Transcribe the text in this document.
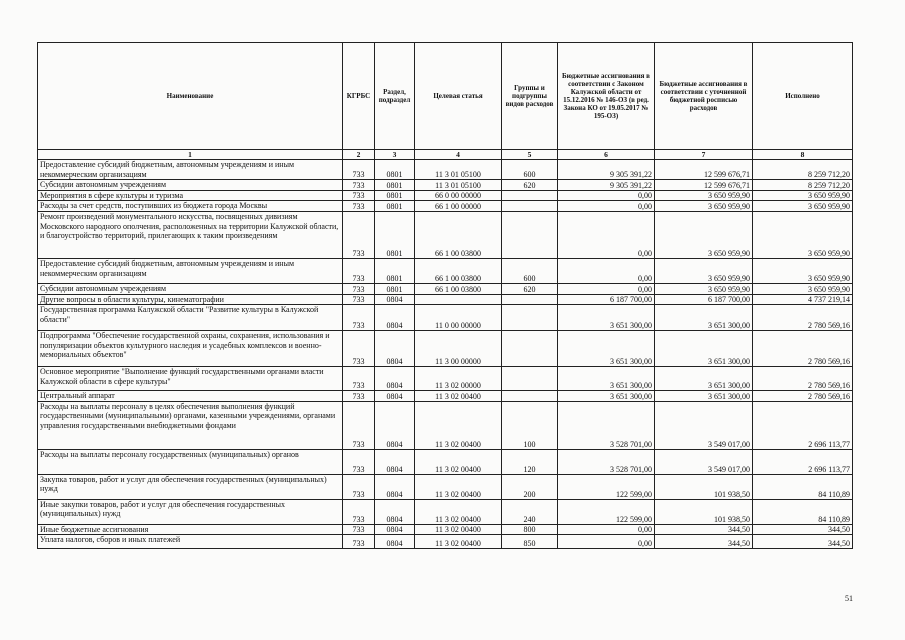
Наименование	КГРБС	Раздел, подраздел	Целевая статья	Группы и подгруппы видов расходов	Бюджетные ассигнования в соответствии с Законом Калужской области от 15.12.2016 № 146-ОЗ (в ред. Закона КО от 19.05.2017 № 195-ОЗ)	Бюджетные ассигнования в соответствии с уточненной бюджетной росписью расходов	Исполнено
1	2	3	4	5	6	7	8
Предоставление субсидий бюджетным, автономным учреждениям и иным некоммерческим организациям	733	0801	11 3 01 05100	600	9 305 391,22	12 599 676,71	8 259 712,20
Субсидии автономным учреждениям	733	0801	11 3 01 05100	620	9 305 391,22	12 599 676,71	8 259 712,20
Мероприятия в сфере культуры и туризма	733	0801	66 0 00 00000		0,00	3 650 959,90	3 650 959,90
Расходы за счет средств, поступивших из бюджета города Москвы	733	0801	66 1 00 00000		0,00	3 650 959,90	3 650 959,90
Ремонт произведений монументального искусства, посвященных дивизиям Московского народного ополчения, расположенных на территории Калужской области, и благоустройство территорий, прилегающих к таким произведениям	733	0801	66 1 00 03800		0,00	3 650 959,90	3 650 959,90
Предоставление субсидий бюджетным, автономным учреждениям и иным некоммерческим организациям	733	0801	66 1 00 03800	600	0,00	3 650 959,90	3 650 959,90
Субсидии автономным учреждениям	733	0801	66 1 00 03800	620	0,00	3 650 959,90	3 650 959,90
Другие вопросы в области культуры, кинематографии	733	0804			6 187 700,00	6 187 700,00	4 737 219,14
Государственная программа Калужской области "Развитие культуры в Калужской области"	733	0804	11 0 00 00000		3 651 300,00	3 651 300,00	2 780 569,16
Подпрограмма "Обеспечение государственной охраны, сохранения, использования и популяризации объектов культурного наследия и усадебных комплексов и военно-мемориальных объектов"	733	0804	11 3 00 00000		3 651 300,00	3 651 300,00	2 780 569,16
Основное мероприятие "Выполнение функций государственными органами власти Калужской области в сфере культуры"	733	0804	11 3 02 00000		3 651 300,00	3 651 300,00	2 780 569,16
Центральный аппарат	733	0804	11 3 02 00400		3 651 300,00	3 651 300,00	2 780 569,16
Расходы на выплаты персоналу в целях обеспечения выполнения функций государственными (муниципальными) органами, казенными учреждениями, органами управления государственными внебюджетными фондами	733	0804	11 3 02 00400	100	3 528 701,00	3 549 017,00	2 696 113,77
Расходы на выплаты персоналу государственных (муниципальных) органов	733	0804	11 3 02 00400	120	3 528 701,00	3 549 017,00	2 696 113,77
Закупка товаров, работ и услуг для обеспечения государственных (муниципальных) нужд	733	0804	11 3 02 00400	200	122 599,00	101 938,50	84 110,89
Иные закупки товаров, работ и услуг для обеспечения государственных (муниципальных) нужд	733	0804	11 3 02 00400	240	122 599,00	101 938,50	84 110,89
Иные бюджетные ассигнования	733	0804	11 3 02 00400	800	0,00	344,50	344,50
Уплата налогов, сборов и иных платежей	733	0804	11 3 02 00400	850	0,00	344,50	344,50
51
